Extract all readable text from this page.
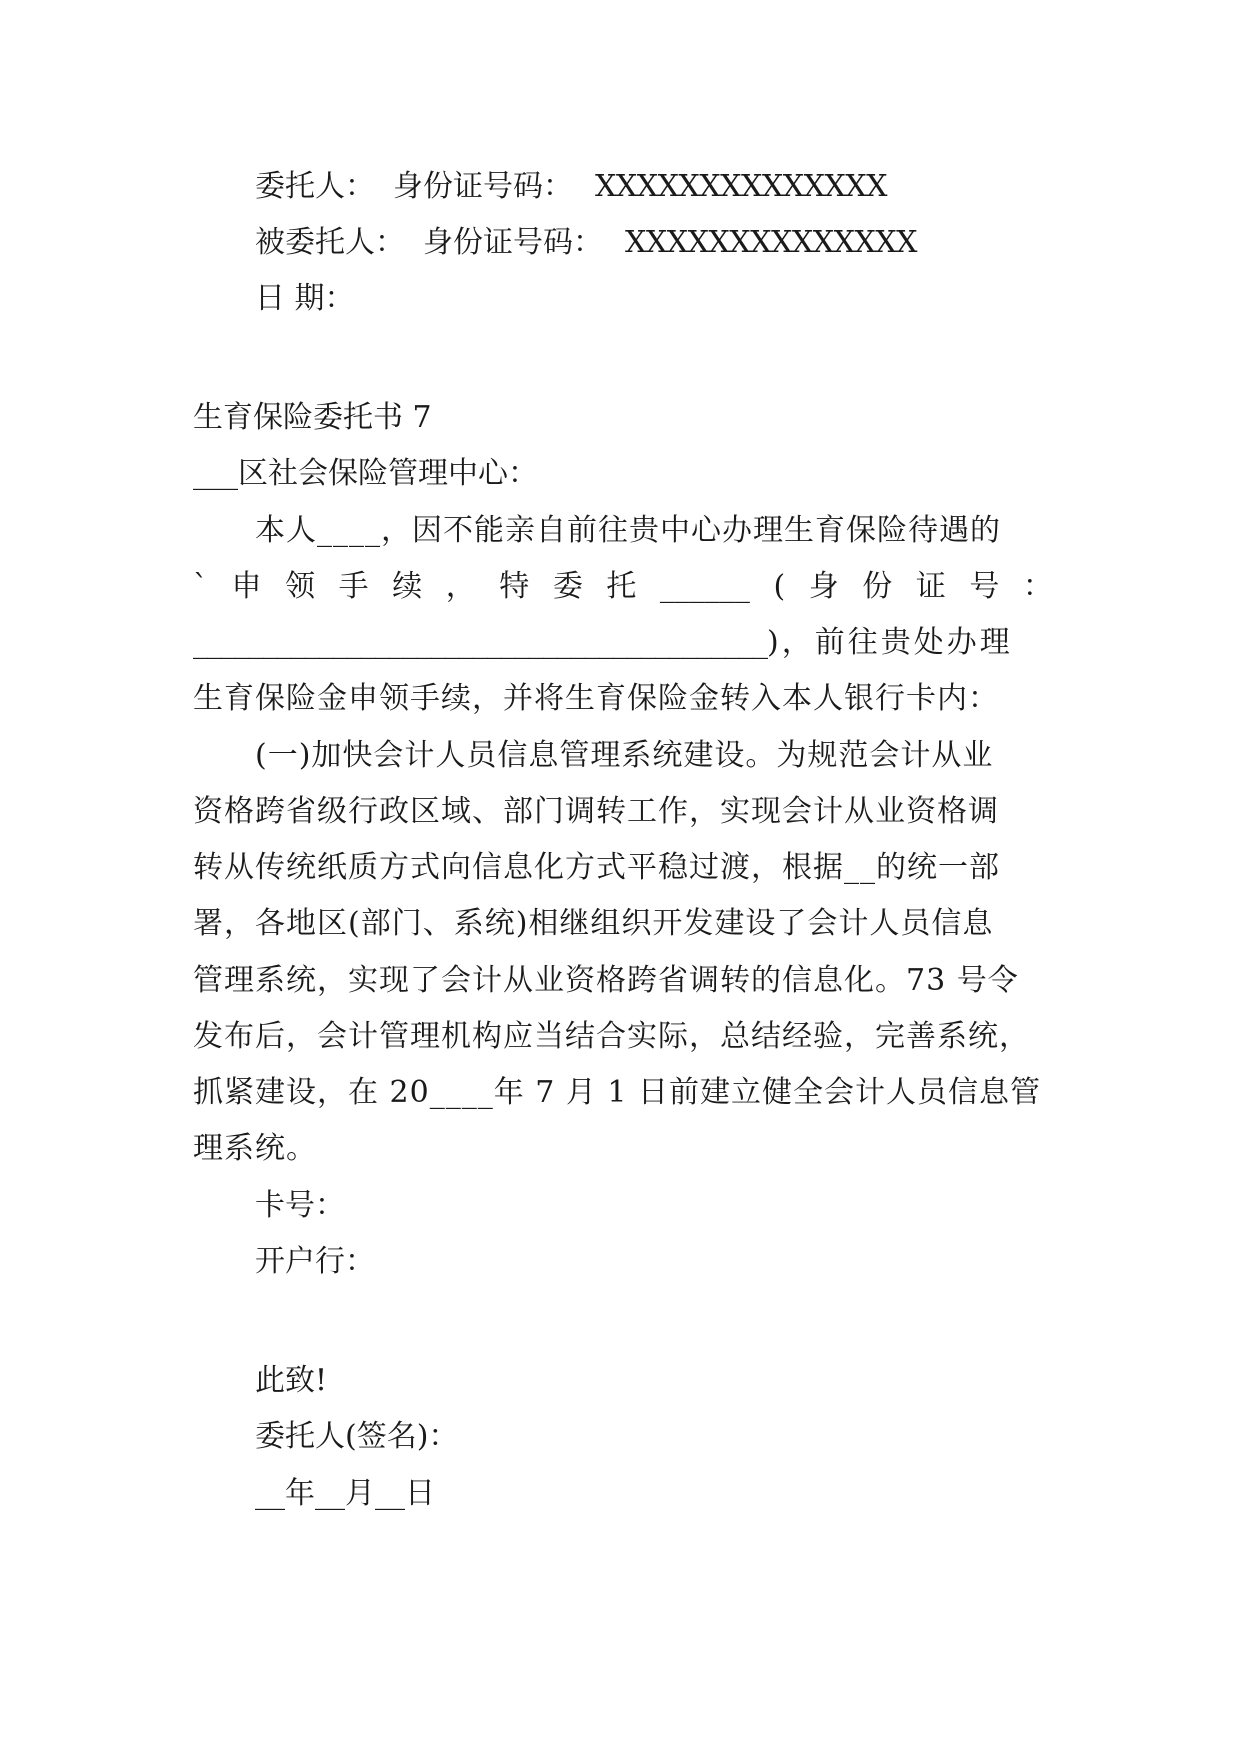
委托人： 身份证号码： XXXXXXXXXXXXXX
被委托人： 身份证号码： XXXXXXXXXXXXXX
日 期：
生育保险委托书 7
___区社会保险管理中心：
本人____，因不能亲自前往贵中心办理生育保险待遇的
` 申 领 手 续 ， 特 委 托 ______ ( 身 份 证 号 ：
_________________________________________)，前往贵处办理
生育保险金申领手续，并将生育保险金转入本人银行卡内：
(一)加快会计人员信息管理系统建设。为规范会计从业
资格跨省级行政区域、部门调转工作，实现会计从业资格调
转从传统纸质方式向信息化方式平稳过渡，根据__的统一部
署，各地区(部门、系统)相继组织开发建设了会计人员信息
管理系统，实现了会计从业资格跨省调转的信息化。73 号令
发布后，会计管理机构应当结合实际，总结经验，完善系统，
抓紧建设，在 20____年 7 月 1 日前建立健全会计人员信息管
理系统。
卡号：
开户行：
此致!
委托人(签名)：
__年__月__日
